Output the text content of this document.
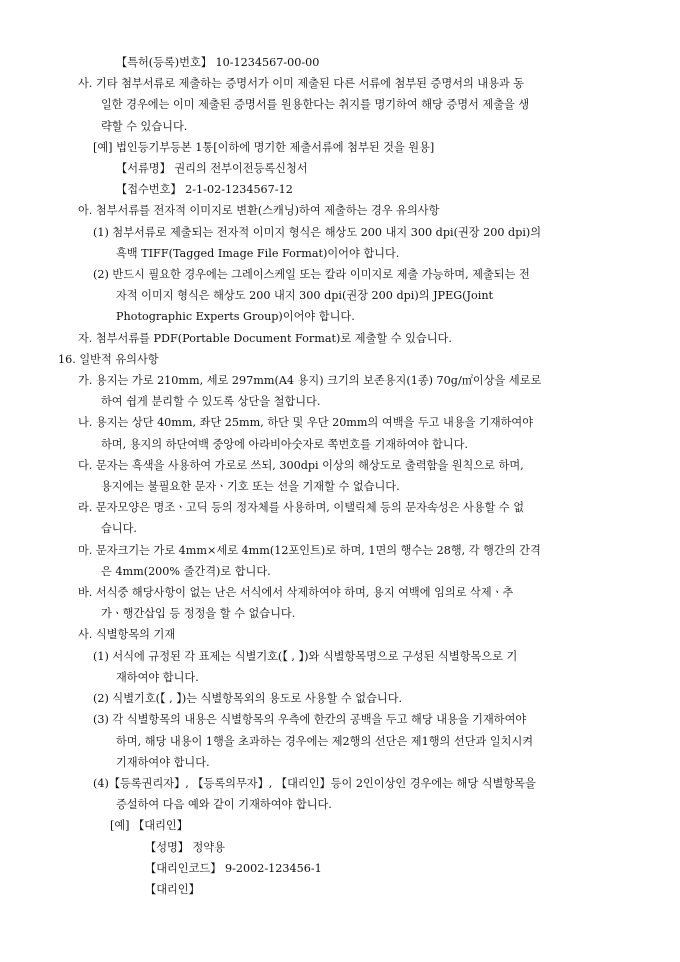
【특허(등록)번호】 10-1234567-00-00

사. 기타 첨부서류로 제출하는 증명서가 이미 제출된 다른 서류에 첨부된 증명서의 내용과 동

일한 경우에는 이미 제출된 증명서를 원용한다는 취지를 명기하여 해당 증명서 제출을 생

략할 수 있습니다.

[예] 법인등기부등본 1통[이하에 명기한 제출서류에 첨부된 것을 원용]

【서류명】 권리의 전부이전등록신청서

【접수번호】 2-1-02-1234567-12

아. 첨부서류를 전자적 이미지로 변환(스캐닝)하여 제출하는 경우 유의사항

(1) 첨부서류로 제출되는 전자적 이미지 형식은 해상도 200 내지 300 dpi(권장 200 dpi)의

흑백 TIFF(Tagged Image File Format)이어야 합니다.

(2) 반드시 필요한 경우에는 그레이스케일 또는 칼라 이미지로 제출 가능하며, 제출되는 전

자적 이미지 형식은 해상도 200 내지 300 dpi(권장 200 dpi)의 JPEG(Joint

Photographic Experts Group)이어야 합니다.

자. 첨부서류를 PDF(Portable Document Format)로 제출할 수 있습니다.

16. 일반적 유의사항

가. 용지는 가로 210mm, 세로 297mm(A4 용지) 크기의 보존용지(1종) 70g/㎡이상을 세로로

하여 쉽게 분리할 수 있도록 상단을 철합니다.

나. 용지는 상단 40mm, 좌단 25mm, 하단 및 우단 20mm의 여백을 두고 내용을 기재하여야

하며, 용지의 하단여백 중앙에 아라비아숫자로 쪽번호를 기재하여야 합니다.

다. 문자는 흑색을 사용하여 가로로 쓰되, 300dpi 이상의 해상도로 출력함을 원칙으로 하며,

용지에는 불필요한 문자ㆍ기호 또는 선을 기재할 수 없습니다.

라. 문자모양은 명조ㆍ고딕 등의 정자체를 사용하며, 이탤릭체 등의 문자속성은 사용할 수 없

습니다.

마. 문자크기는 가로 4mm×세로 4mm(12포인트)로 하며, 1면의 행수는 28행, 각 행간의 간격

은 4mm(200% 줄간격)로 합니다.

바. 서식중 해당사항이 없는 난은 서식에서 삭제하여야 하며, 용지 여백에 임의로 삭제ㆍ추

가ㆍ행간삽입 등 정정을 할 수 없습니다.

사. 식별항목의 기재

(1) 서식에 규정된 각 표제는 식별기호(【 , 】)와 식별항목명으로 구성된 식별항목으로 기

재하여야 합니다.

(2) 식별기호(【 , 】)는 식별항목외의 용도로 사용할 수 없습니다.

(3) 각 식별항목의 내용은 식별항목의 우측에 한칸의 공백을 두고 해당 내용을 기재하여야

하며, 해당 내용이 1행을 초과하는 경우에는 제2행의 선단은 제1행의 선단과 일치시켜

기재하여야 합니다.

(4)【등록권리자】, 【등록의무자】, 【대리인】등이 2인이상인 경우에는 해당 식별항목을

증설하여 다음 예와 같이 기재하여야 합니다.

[예] 【대리인】

【성명】 정약용

【대리인코드】 9-2002-123456-1

【대리인】
